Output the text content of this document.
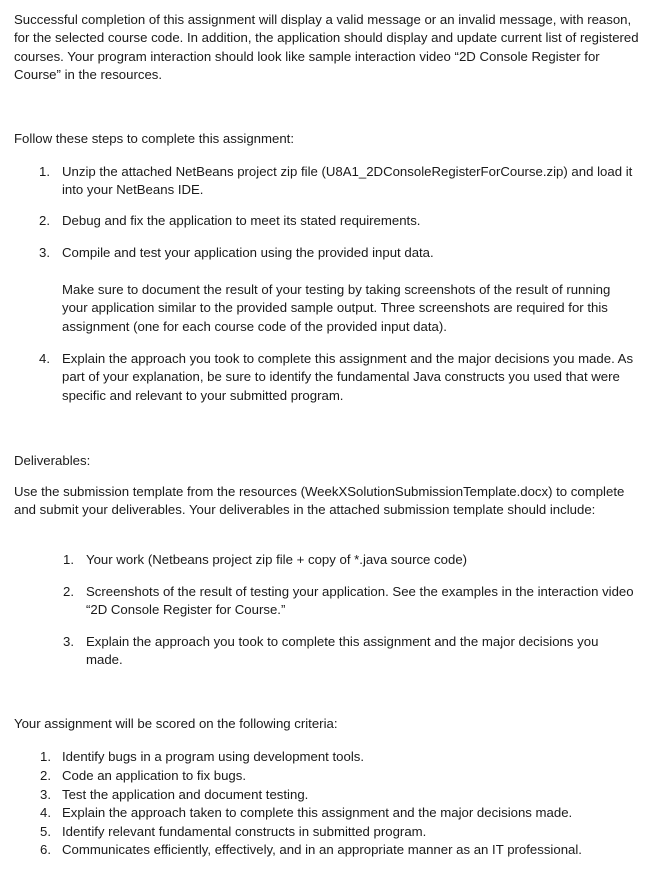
Successful completion of this assignment will display a valid message or an invalid message, with reason, for the selected course code. In addition, the application should display and update current list of registered courses. Your program interaction should look like sample interaction video “2D Console Register for Course” in the resources.

Follow these steps to complete this assignment:

1. Unzip the attached NetBeans project zip file (U8A1_2DConsoleRegisterForCourse.zip) and load it into your NetBeans IDE.
2. Debug and fix the application to meet its stated requirements.
3. Compile and test your application using the provided input data.
Make sure to document the result of your testing by taking screenshots of the result of running your application similar to the provided sample output. Three screenshots are required for this assignment (one for each course code of the provided input data).
4. Explain the approach you took to complete this assignment and the major decisions you made. As part of your explanation, be sure to identify the fundamental Java constructs you used that were specific and relevant to your submitted program.

Deliverables:

Use the submission template from the resources (WeekXSolutionSubmissionTemplate.docx) to complete and submit your deliverables. Your deliverables in the attached submission template should include:

1. Your work (Netbeans project zip file + copy of *.java source code)
2. Screenshots of the result of testing your application. See the examples in the interaction video “2D Console Register for Course.”
3. Explain the approach you took to complete this assignment and the major decisions you made.

Your assignment will be scored on the following criteria:

1. Identify bugs in a program using development tools.
2. Code an application to fix bugs.
3. Test the application and document testing.
4. Explain the approach taken to complete this assignment and the major decisions made.
5. Identify relevant fundamental constructs in submitted program.
6. Communicates efficiently, effectively, and in an appropriate manner as an IT professional.
